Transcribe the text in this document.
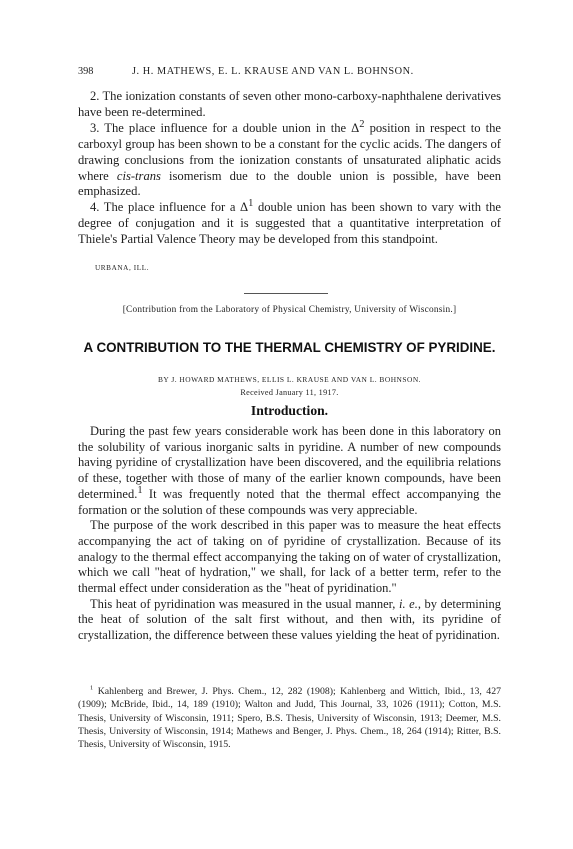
398	J. H. MATHEWS, E. L. KRAUSE AND VAN L. BOHNSON.

2. The ionization constants of seven other mono-carboxy-naphthalene derivatives have been re-determined.

3. The place influence for a double union in the $\Delta^2$ position in respect to the carboxyl group has been shown to be a constant for the cyclic acids. The dangers of drawing conclusions from the ionization constants of unsaturated aliphatic acids where cis-trans isomerism due to the double union is possible, have been emphasized.

4. The place influence for a $\Delta^1$ double union has been shown to vary with the degree of conjugation and it is suggested that a quantitative interpretation of Thiele's Partial Valence Theory may be developed from this standpoint.

URBANA, ILL.
[Contribution from the Laboratory of Physical Chemistry, University of Wisconsin.]
A CONTRIBUTION TO THE THERMAL CHEMISTRY OF PYRIDINE.
BY J. HOWARD MATHEWS, ELLIS L. KRAUSE AND VAN L. BOHNSON.
Received January 11, 1917.
Introduction.

During the past few years considerable work has been done in this laboratory on the solubility of various inorganic salts in pyridine. A number of new compounds having pyridine of crystallization have been discovered, and the equilibria relations of these, together with those of many of the earlier known compounds, have been determined.$^1$ It was frequently noted that the thermal effect accompanying the formation or the solution of these compounds was very appreciable.

The purpose of the work described in this paper was to measure the heat effects accompanying the act of taking on of pyridine of crystallization. Because of its analogy to the thermal effect accompanying the taking on of water of crystallization, which we call "heat of hydration," we shall, for lack of a better term, refer to the thermal effect under consideration as the "heat of pyridination."

This heat of pyridination was measured in the usual manner, i. e., by determining the heat of solution of the salt first without, and then with, its pyridine of crystallization, the difference between these values yielding the heat of pyridination.

$^1$ Kahlenberg and Brewer, J. Phys. Chem., 12, 282 (1908); Kahlenberg and Wittich, Ibid., 13, 427 (1909); McBride, Ibid., 14, 189 (1910); Walton and Judd, This Journal, 33, 1026 (1911); Cotton, M.S. Thesis, University of Wisconsin, 1911; Spero, B.S. Thesis, University of Wisconsin, 1913; Deemer, M.S. Thesis, University of Wisconsin, 1914; Mathews and Benger, J. Phys. Chem., 18, 264 (1914); Ritter, B.S. Thesis, University of Wisconsin, 1915.
